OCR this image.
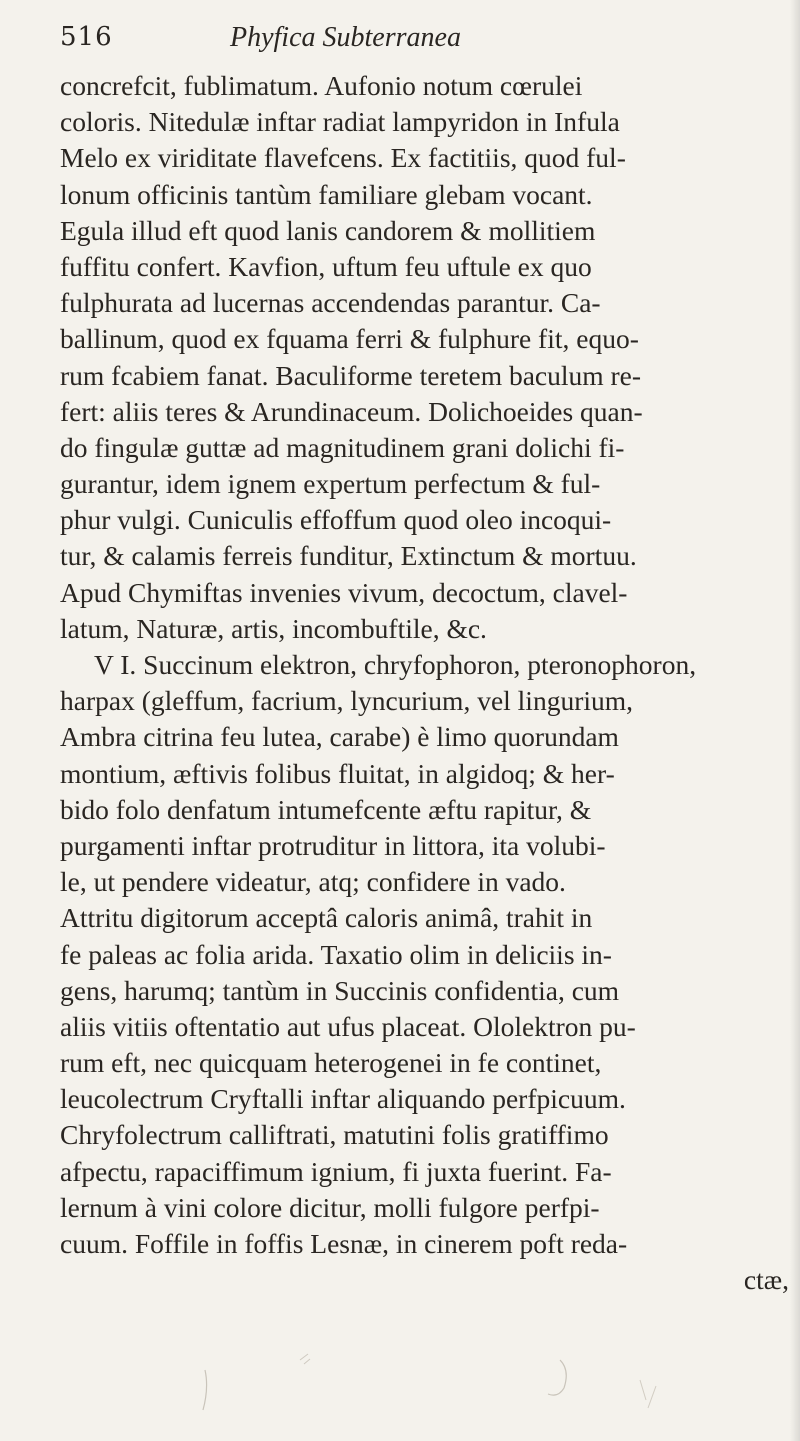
516	Phyfica Subterranea
concrefcit, fublimatum. Aufonio notum cœrulei
coloris. Nitedulæ inftar radiat lampyridon in Infula
Melo ex viriditate flavefcens. Ex factitiis, quod ful-
lonum officinis tantùm familiare glebam vocant.
Egula illud eft quod lanis candorem & mollitiem
fuffitu confert. Kavfion, uftum feu uftule ex quo
fulphurata ad lucernas accendendas parantur. Ca-
ballinum, quod ex fquama ferri & fulphure fit, equo-
rum fcabiem fanat. Baculiforme teretem baculum re-
fert: aliis teres & Arundinaceum. Dolichoeides quan-
do fingulæ guttæ ad magnitudinem grani dolichi fi-
gurantur, idem ignem expertum perfectum & ful-
phur vulgi. Cuniculis effoffum quod oleo incoqui-
tur, & calamis ferreis funditur, Extinctum & mortuu.
Apud Chymiftas invenies vivum, decoctum, clavel-
latum, Naturæ, artis, incombuftile, &c.
V I. Succinum elektron, chryfophoron, pteronophoron,
harpax (gleffum, facrium, lyncurium, vel lingurium,
Ambra citrina feu lutea, carabe) è limo quorundam
montium, æftivis folibus fluitat, in algidoq; & her-
bido folo denfatum intumefcente æftu rapitur, &
purgamenti inftar protruditur in littora, ita volubi-
le, ut pendere videatur, atq; confidere in vado.
Attritu digitorum acceptâ caloris animâ, trahit in
fe paleas ac folia arida. Taxatio olim in deliciis in-
gens, harumq; tantùm in Succinis confidentia, cum
aliis vitiis oftentatio aut ufus placeat. Ololektron pu-
rum eft, nec quicquam heterogenei in fe continet,
leucolectrum Cryftalli inftar aliquando perfpicuum.
Chryfolectrum calliftrati, matutini folis gratiffimo
afpectu, rapaciffimum ignium, fi juxta fuerint. Fa-
lernum à vini colore dicitur, molli fulgore perfpi-
cuum. Foffile in foffis Lesnæ, in cinerem poft reda-
ctæ,
